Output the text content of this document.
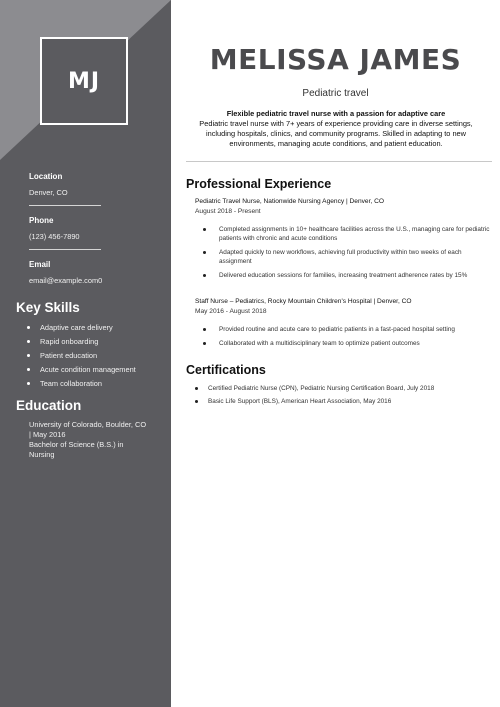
MJ
Location
Denver, CO
Phone
(123) 456-7890
Email
email@example.com0
Key Skills
Adaptive care delivery
Rapid onboarding
Patient education
Acute condition management
Team collaboration
Education
University of Colorado, Boulder, CO
| May 2016
Bachelor of Science (B.S.) in
Nursing
MELISSA JAMES
Pediatric travel
Flexible pediatric travel nurse with a passion for adaptive care
Pediatric travel nurse with 7+ years of experience providing care in diverse settings, including hospitals, clinics, and community programs. Skilled in adapting to new environments, managing acute conditions, and patient education.
Professional Experience
Pediatric Travel Nurse, Nationwide Nursing Agency | Denver, CO
August 2018 - Present
Completed assignments in 10+ healthcare facilities across the U.S., managing care for pediatric patients with chronic and acute conditions
Adapted quickly to new workflows, achieving full productivity within two weeks of each assignment
Delivered education sessions for families, increasing treatment adherence rates by 15%
Staff Nurse – Pediatrics, Rocky Mountain Children's Hospital | Denver, CO
May 2016 - August 2018
Provided routine and acute care to pediatric patients in a fast-paced hospital setting
Collaborated with a multidisciplinary team to optimize patient outcomes
Certifications
Certified Pediatric Nurse (CPN), Pediatric Nursing Certification Board, July 2018
Basic Life Support (BLS), American Heart Association, May 2016
